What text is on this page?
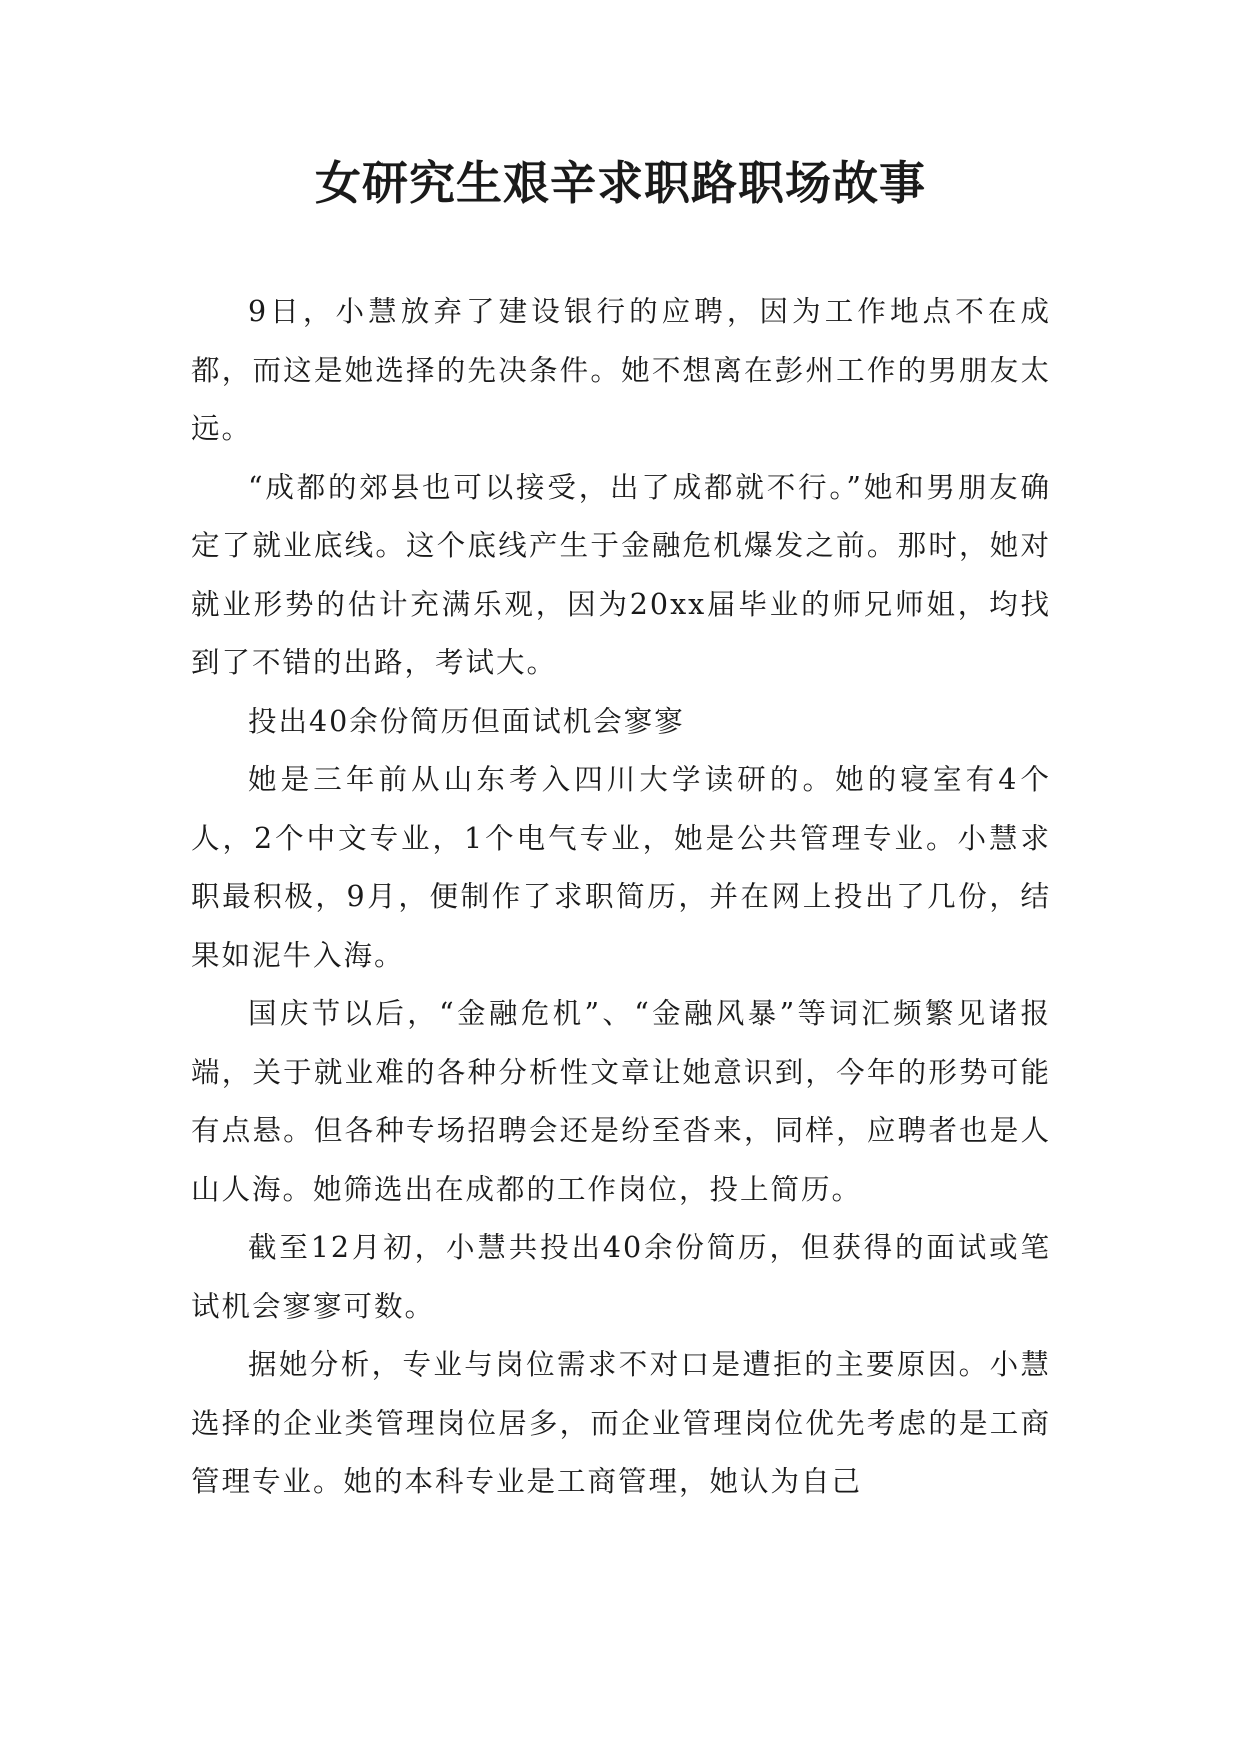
女研究生艰辛求职路职场故事

9日，小慧放弃了建设银行的应聘，因为工作地点不在成都，而这是她选择的先决条件。她不想离在彭州工作的男朋友太远。

“成都的郊县也可以接受，出了成都就不行。”她和男朋友确定了就业底线。这个底线产生于金融危机爆发之前。那时，她对就业形势的估计充满乐观，因为20xx届毕业的师兄师姐，均找到了不错的出路，考试大。

投出40余份简历但面试机会寥寥

她是三年前从山东考入四川大学读研的。她的寝室有4个人，2个中文专业，1个电气专业，她是公共管理专业。小慧求职最积极，9月，便制作了求职简历，并在网上投出了几份，结果如泥牛入海。

国庆节以后，“金融危机”、“金融风暴”等词汇频繁见诸报端，关于就业难的各种分析性文章让她意识到，今年的形势可能有点悬。但各种专场招聘会还是纷至沓来，同样，应聘者也是人山人海。她筛选出在成都的工作岗位，投上简历。

截至12月初，小慧共投出40余份简历，但获得的面试或笔试机会寥寥可数。

据她分析，专业与岗位需求不对口是遭拒的主要原因。小慧选择的企业类管理岗位居多，而企业管理岗位优先考虑的是工商管理专业。她的本科专业是工商管理，她认为自己
